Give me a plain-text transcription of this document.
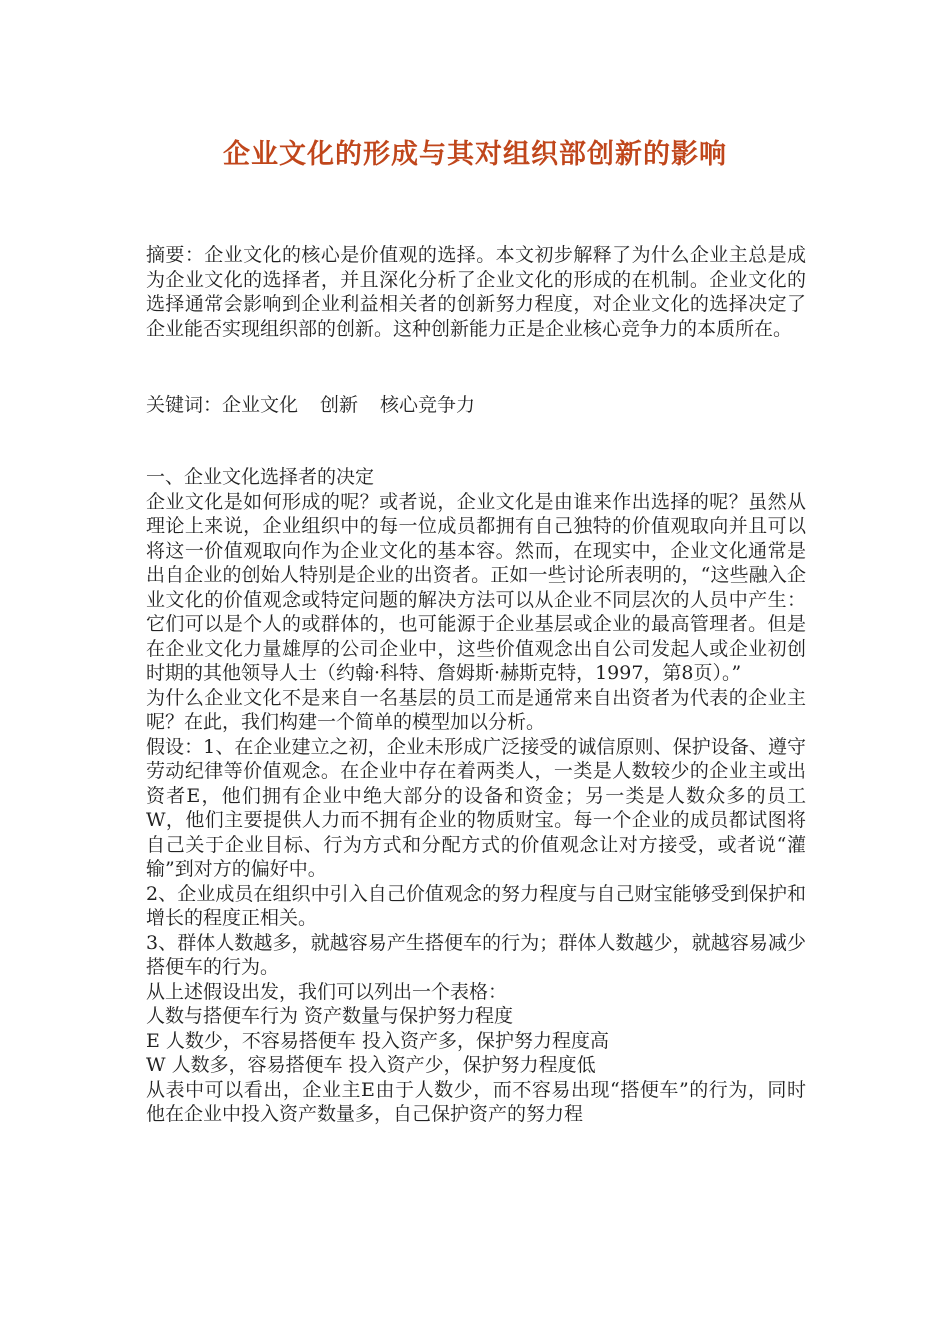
企业文化的形成与其对组织部创新的影响

摘要：企业文化的核心是价值观的选择。本文初步解释了为什么企业主总是成为企业文化的选择者，并且深化分析了企业文化的形成的在机制。企业文化的选择通常会影响到企业利益相关者的创新努力程度，对企业文化的选择决定了企业能否实现组织部的创新。这种创新能力正是企业核心竞争力的本质所在。

关键词：企业文化 创新 核心竞争力

一、企业文化选择者的决定

企业文化是如何形成的呢？或者说，企业文化是由谁来作出选择的呢？虽然从理论上来说，企业组织中的每一位成员都拥有自己独特的价值观取向并且可以将这一价值观取向作为企业文化的基本容。然而，在现实中，企业文化通常是出自企业的创始人特别是企业的出资者。正如一些讨论所表明的，“这些融入企业文化的价值观念或特定问题的解决方法可以从企业不同层次的人员中产生：它们可以是个人的或群体的，也可能源于企业基层或企业的最高管理者。但是在企业文化力量雄厚的公司企业中，这些价值观念出自公司发起人或企业初创时期的其他领导人士（约翰·科特、詹姆斯·赫斯克特，1997，第8页）。”

为什么企业文化不是来自一名基层的员工而是通常来自出资者为代表的企业主呢？在此，我们构建一个简单的模型加以分析。

假设：1、在企业建立之初，企业未形成广泛接受的诚信原则、保护设备、遵守劳动纪律等价值观念。在企业中存在着两类人，一类是人数较少的企业主或出资者E，他们拥有企业中绝大部分的设备和资金；另一类是人数众多的员工W，他们主要提供人力而不拥有企业的物质财宝。每一个企业的成员都试图将自己关于企业目标、行为方式和分配方式的价值观念让对方接受，或者说“灌输”到对方的偏好中。

2、企业成员在组织中引入自己价值观念的努力程度与自己财宝能够受到保护和增长的程度正相关。

3、群体人数越多，就越容易产生搭便车的行为；群体人数越少，就越容易减少搭便车的行为。

从上述假设出发，我们可以列出一个表格：

人数与搭便车行为 资产数量与保护努力程度

E 人数少，不容易搭便车 投入资产多，保护努力程度高

W 人数多，容易搭便车 投入资产少，保护努力程度低

从表中可以看出，企业主E由于人数少，而不容易出现“搭便车”的行为，同时他在企业中投入资产数量多，自己保护资产的努力程
